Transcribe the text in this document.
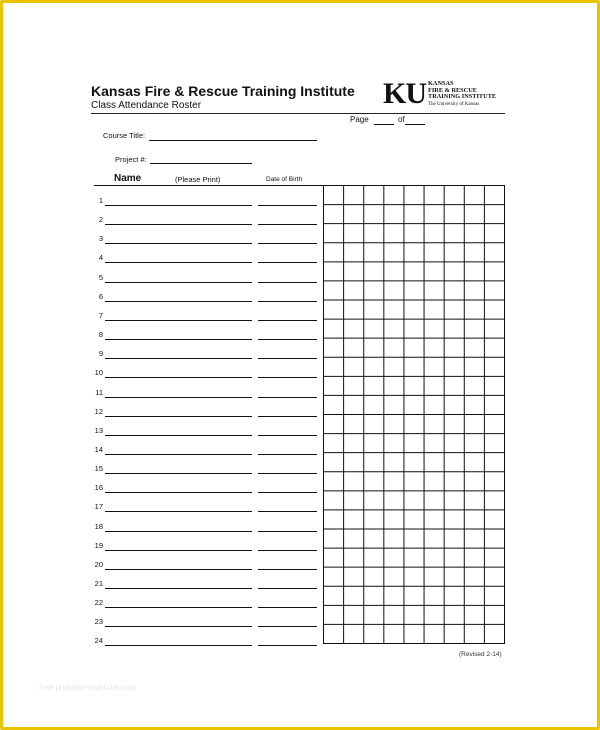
Kansas Fire & Rescue Training Institute
Class Attendance Roster	KU KANSAS
FIRE & RESCUE
TRAINING INSTITUTE
The University of Kansas
Page	of
Course Title:
Project #:
Name	(Please Print)	Date of Birth
1
2
3
4
5
6
7
8
9
10
11
12
13
14
15
16
17
18
19
20
21
22
23
24
(Revised 2-14)
free-printable-calendar.com
